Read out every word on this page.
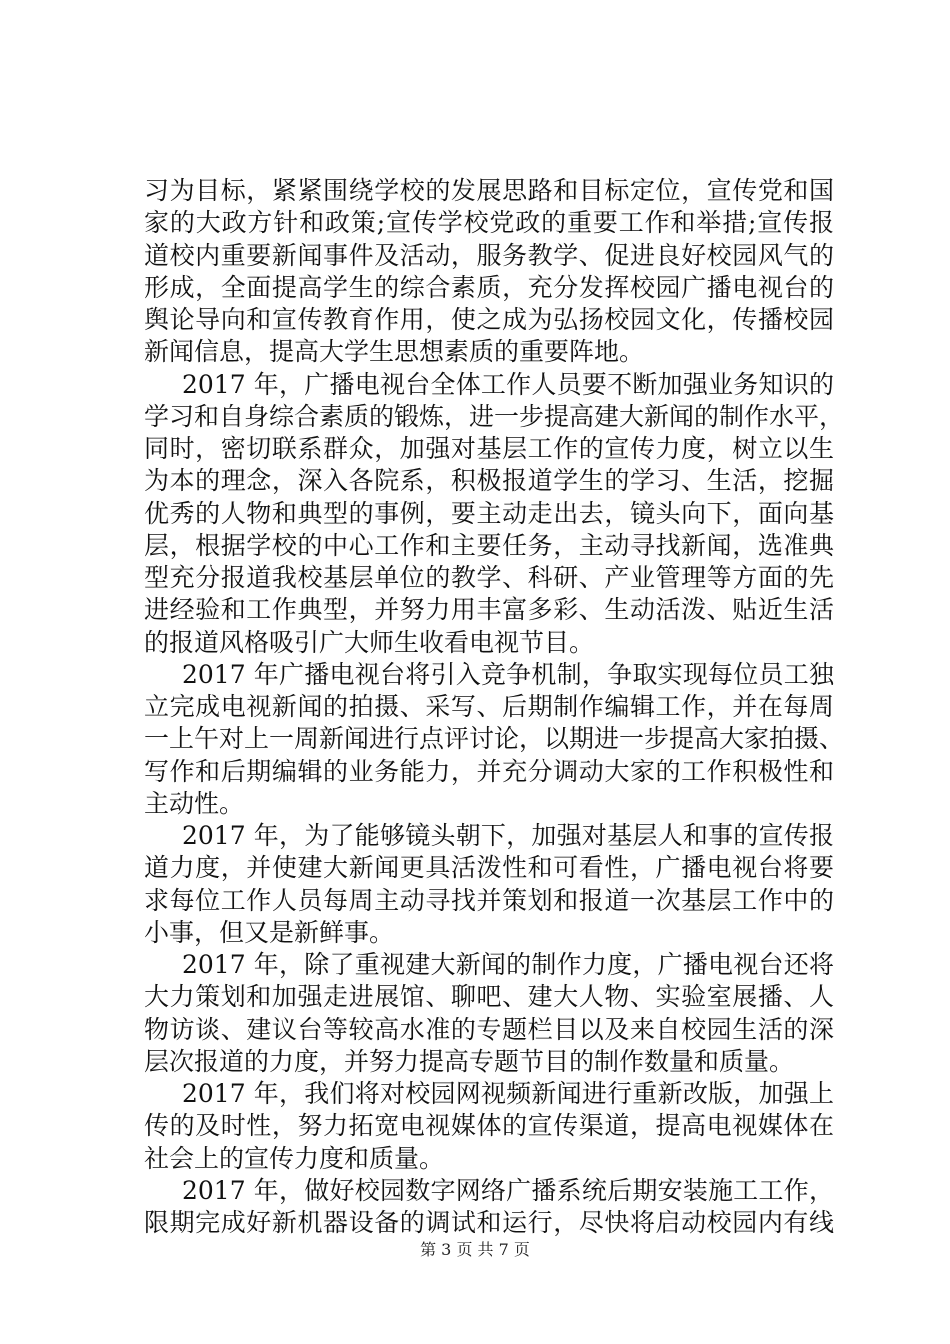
习为目标，紧紧围绕学校的发展思路和目标定位，宣传党和国
家的大政方针和政策;宣传学校党政的重要工作和举措;宣传报
道校内重要新闻事件及活动，服务教学、促进良好校园风气的
形成，全面提高学生的综合素质，充分发挥校园广播电视台的
舆论导向和宣传教育作用，使之成为弘扬校园文化，传播校园
新闻信息，提高大学生思想素质的重要阵地。
2017 年，广播电视台全体工作人员要不断加强业务知识的
学习和自身综合素质的锻炼，进一步提高建大新闻的制作水平，
同时，密切联系群众，加强对基层工作的宣传力度，树立以生
为本的理念，深入各院系，积极报道学生的学习、生活，挖掘
优秀的人物和典型的事例，要主动走出去，镜头向下，面向基
层，根据学校的中心工作和主要任务，主动寻找新闻，选准典
型充分报道我校基层单位的教学、科研、产业管理等方面的先
进经验和工作典型，并努力用丰富多彩、生动活泼、贴近生活
的报道风格吸引广大师生收看电视节目。
2017 年广播电视台将引入竞争机制，争取实现每位员工独
立完成电视新闻的拍摄、采写、后期制作编辑工作，并在每周
一上午对上一周新闻进行点评讨论，以期进一步提高大家拍摄、
写作和后期编辑的业务能力，并充分调动大家的工作积极性和
主动性。
2017 年，为了能够镜头朝下，加强对基层人和事的宣传报
道力度，并使建大新闻更具活泼性和可看性，广播电视台将要
求每位工作人员每周主动寻找并策划和报道一次基层工作中的
小事，但又是新鲜事。
2017 年，除了重视建大新闻的制作力度，广播电视台还将
大力策划和加强走进展馆、聊吧、建大人物、实验室展播、人
物访谈、建议台等较高水准的专题栏目以及来自校园生活的深
层次报道的力度，并努力提高专题节目的制作数量和质量。
2017 年，我们将对校园网视频新闻进行重新改版，加强上
传的及时性，努力拓宽电视媒体的宣传渠道，提高电视媒体在
社会上的宣传力度和质量。
2017 年，做好校园数字网络广播系统后期安装施工工作，
限期完成好新机器设备的调试和运行，尽快将启动校园内有线
第 3 页 共 7 页
